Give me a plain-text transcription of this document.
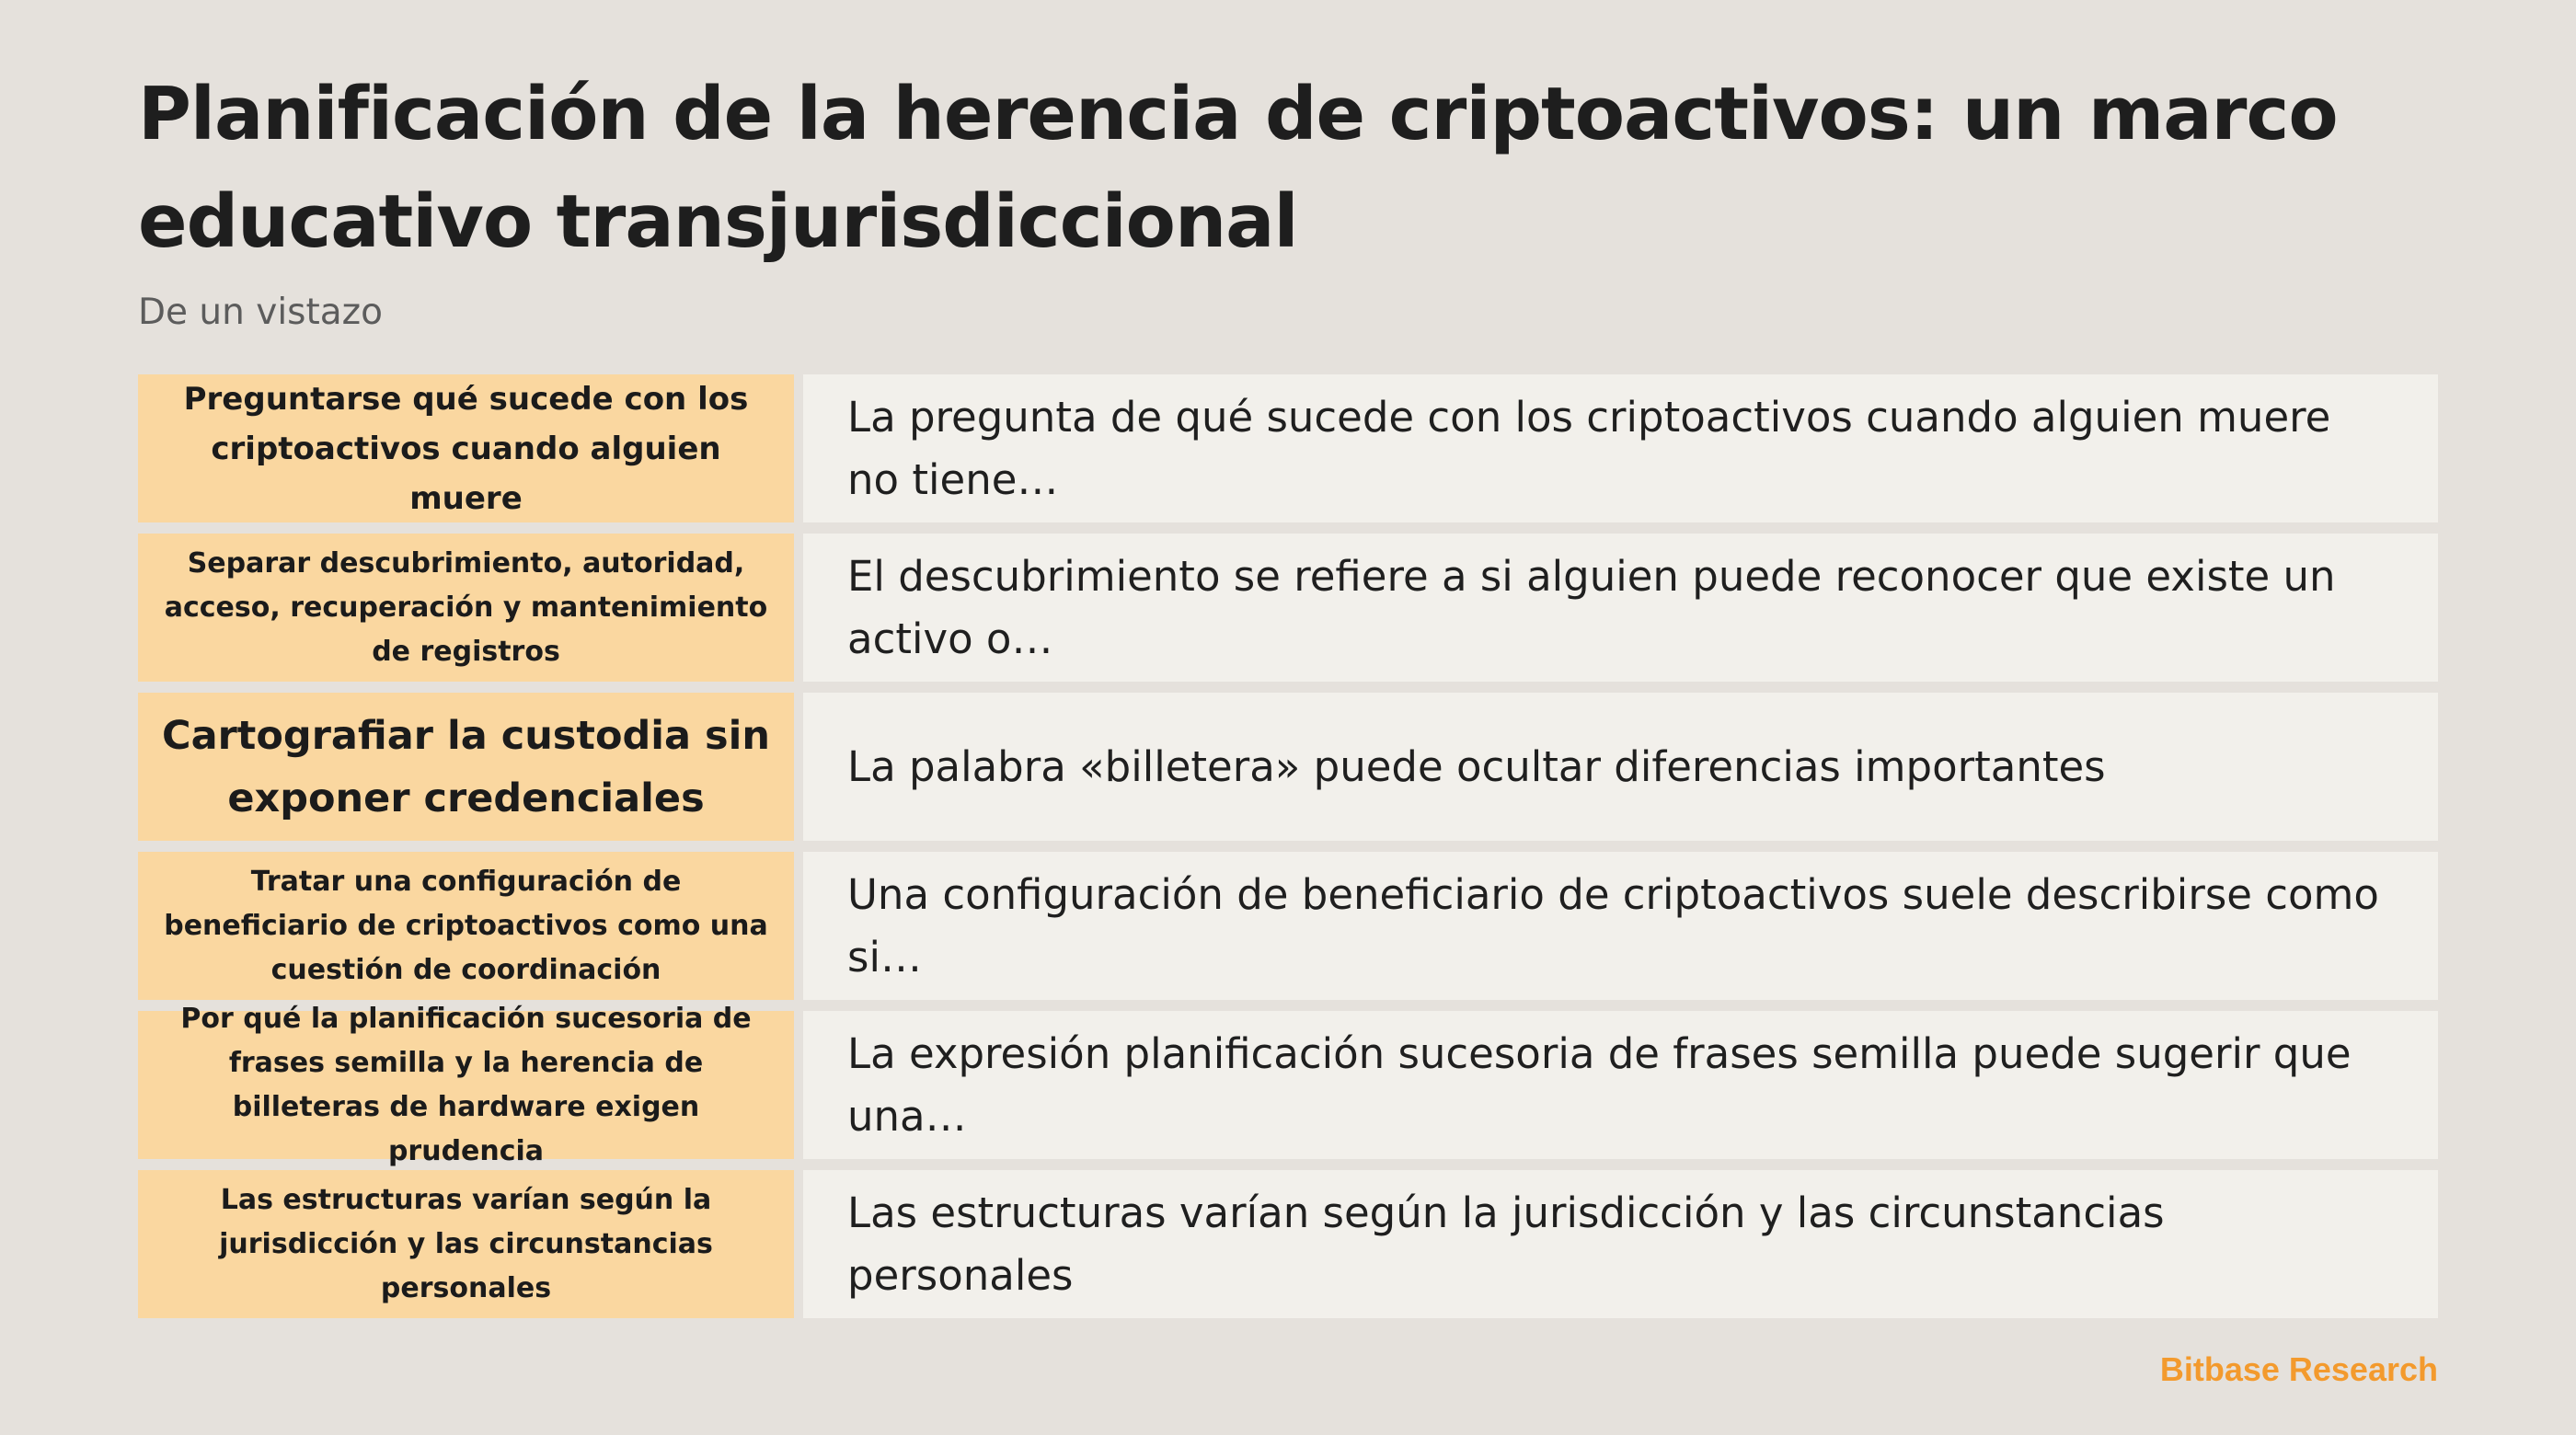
Planificación de la herencia de criptoactivos: un marco educativo transjurisdiccional
De un vistazo
Preguntarse qué sucede con los criptoactivos cuando alguien muere
La pregunta de qué sucede con los criptoactivos cuando alguien muere no tiene…
Separar descubrimiento, autoridad, acceso, recuperación y mantenimiento de registros
El descubrimiento se refiere a si alguien puede reconocer que existe un activo o…
Cartografiar la custodia sin exponer credenciales
La palabra «billetera» puede ocultar diferencias importantes
Tratar una configuración de beneficiario de criptoactivos como una cuestión de coordinación
Una configuración de beneficiario de criptoactivos suele describirse como si…
Por qué la planificación sucesoria de frases semilla y la herencia de billeteras de hardware exigen prudencia
La expresión planificación sucesoria de frases semilla puede sugerir que una…
Las estructuras varían según la jurisdicción y las circunstancias personales
Las estructuras varían según la jurisdicción y las circunstancias personales
Bitbase Research
